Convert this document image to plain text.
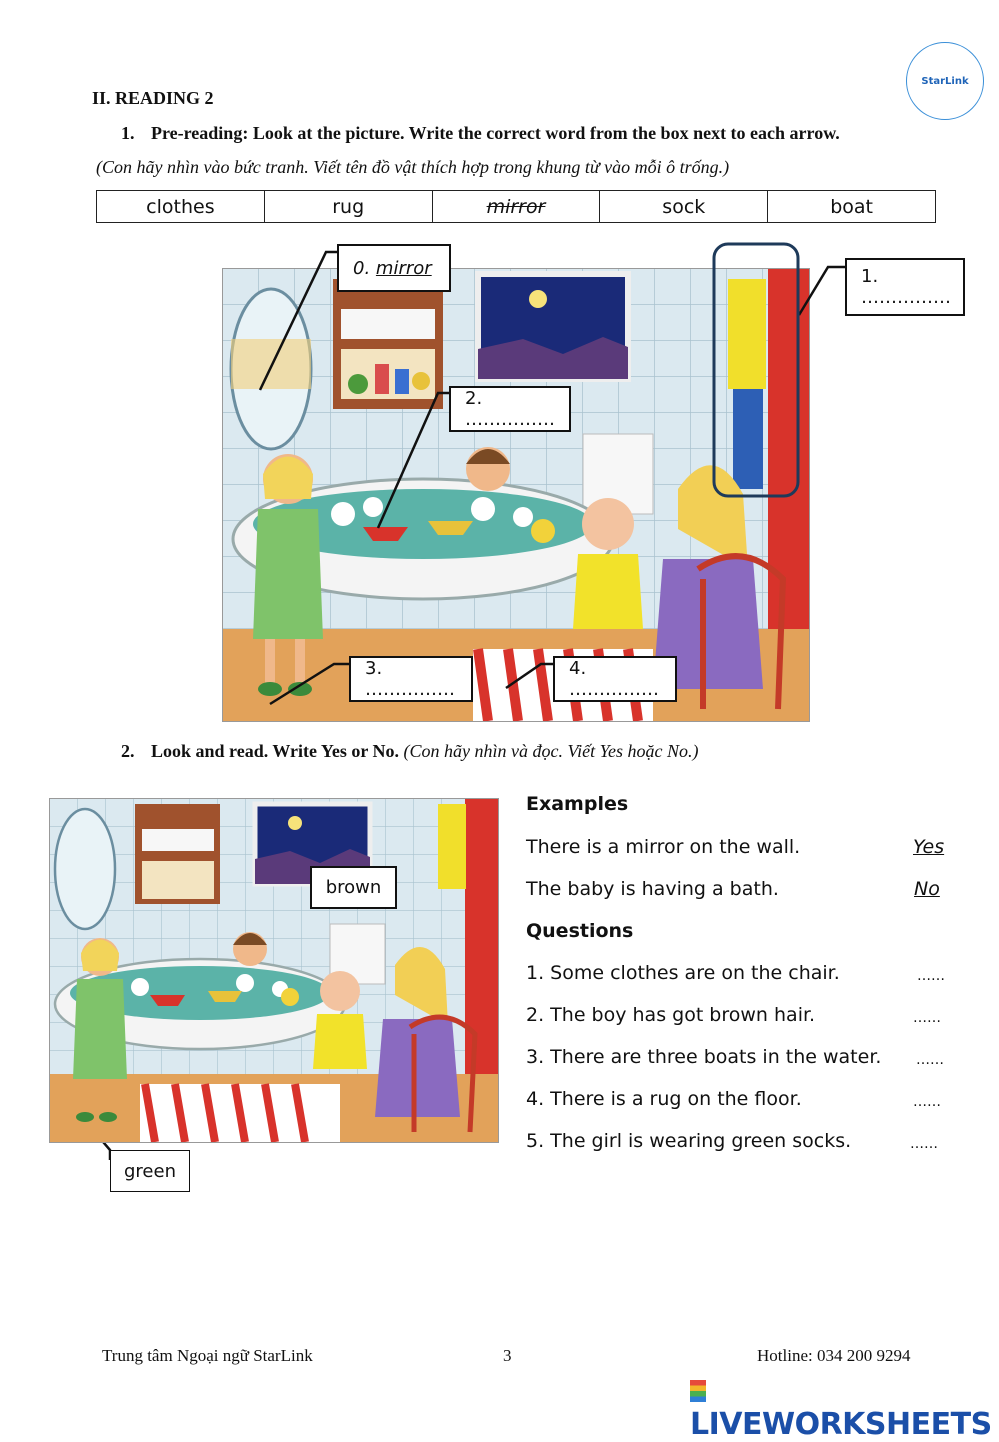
StarLink
II. READING 2
1. Pre-reading: Look at the picture. Write the correct word from the box next to each arrow.
(Con hãy nhìn vào bức tranh. Viết tên đồ vật thích hợp trong khung từ vào mỗi ô trống.)
clothes	rug	mirror	sock	boat
0.
mirror	1. ……………
2. ……………
3. ……………
4. ……………
2. Look and read. Write Yes or No. (Con hãy nhìn và đọc. Viết Yes hoặc No.)
brown
green
Examples
There is a mirror on the wall.	Yes
The baby is having a bath.	No
Questions
1. Some clothes are on the chair.	……
2. The boy has got brown hair.	……
3. There are three boats in the water. ……
4. There is a rug on the floor.	……
5. The girl is wearing green socks.	……
Trung tâm Ngoại ngữ StarLink	3	Hotline: 034 200 9294
LIVEWORKSHEETS
